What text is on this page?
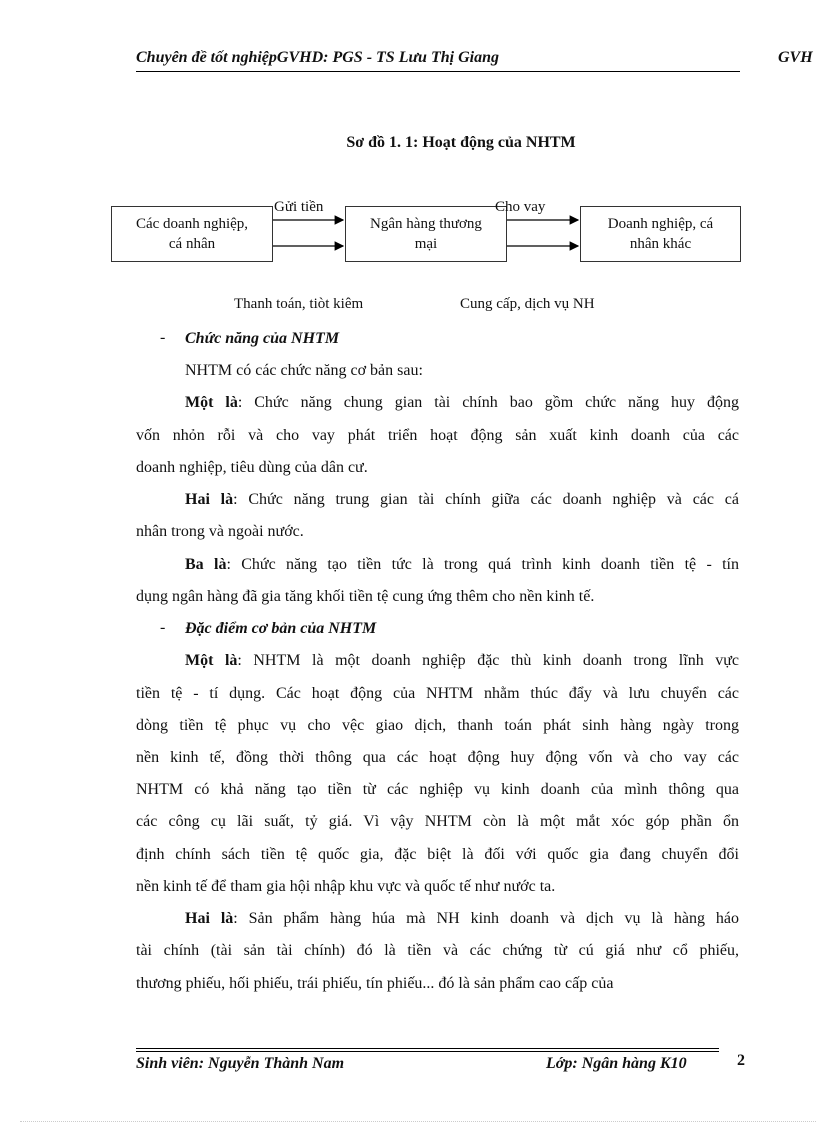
Chuyên đề tốt nghiệpGVHD: PGS - TS Lưu Thị Giang	GVH
Sơ đồ 1. 1: Hoạt động của NHTM
Các doanh nghiệp,
cá nhân
Ngân hàng thương
mại
Doanh nghiệp, cá
nhân khác
Gửi tiền	Cho vay
Thanh toán, tiòt kiêm	Cung cấp, dịch vụ NH
- Chức năng của NHTM
NHTM có các chức năng cơ bản sau:
Một là: Chức năng chung gian tài chính bao gồm chức năng huy động
vốn nhỏn rỗi và cho vay phát triển hoạt động sản xuất kinh doanh của các
doanh nghiệp, tiêu dùng của dân cư.
Hai là: Chức năng trung gian tài chính giữa các doanh nghiệp và các cá
nhân trong và ngoài nước.
Ba là: Chức năng tạo tiền tức là trong quá trình kinh doanh tiền tệ - tín
dụng ngân hàng đã gia tăng khối tiền tệ cung ứng thêm cho nền kinh tế.
- Đặc điểm cơ bản của NHTM
Một là: NHTM là một doanh nghiệp đặc thù kinh doanh trong lĩnh vực
tiền tệ - tí dụng. Các hoạt động của NHTM nhằm thúc đẩy và lưu chuyển các
dòng tiền tệ phục vụ cho vệc giao dịch, thanh toán phát sinh hàng ngày trong
nền kinh tế, đồng thời thông qua các hoạt động huy động vốn và cho vay các
NHTM có khả năng tạo tiền từ các nghiệp vụ kinh doanh của mình thông qua
các công cụ lãi suất, tỷ giá. Vì vậy NHTM còn là một mắt xóc góp phần ổn
định chính sách tiền tệ quốc gia, đặc biệt là đối với quốc gia đang chuyển đổi
nền kinh tế để tham gia hội nhập khu vực và quốc tế như nước ta.
Hai là: Sản phẩm hàng húa mà NH kinh doanh và dịch vụ là hàng háo
tài chính (tài sản tài chính) đó là tiền và các chứng từ cú giá như cổ phiếu,
thương phiếu, hối phiếu, trái phiếu, tín phiếu... đó là sản phẩm cao cấp của
Sinh viên: Nguyễn Thành Nam	Lớp: Ngân hàng K10	2
